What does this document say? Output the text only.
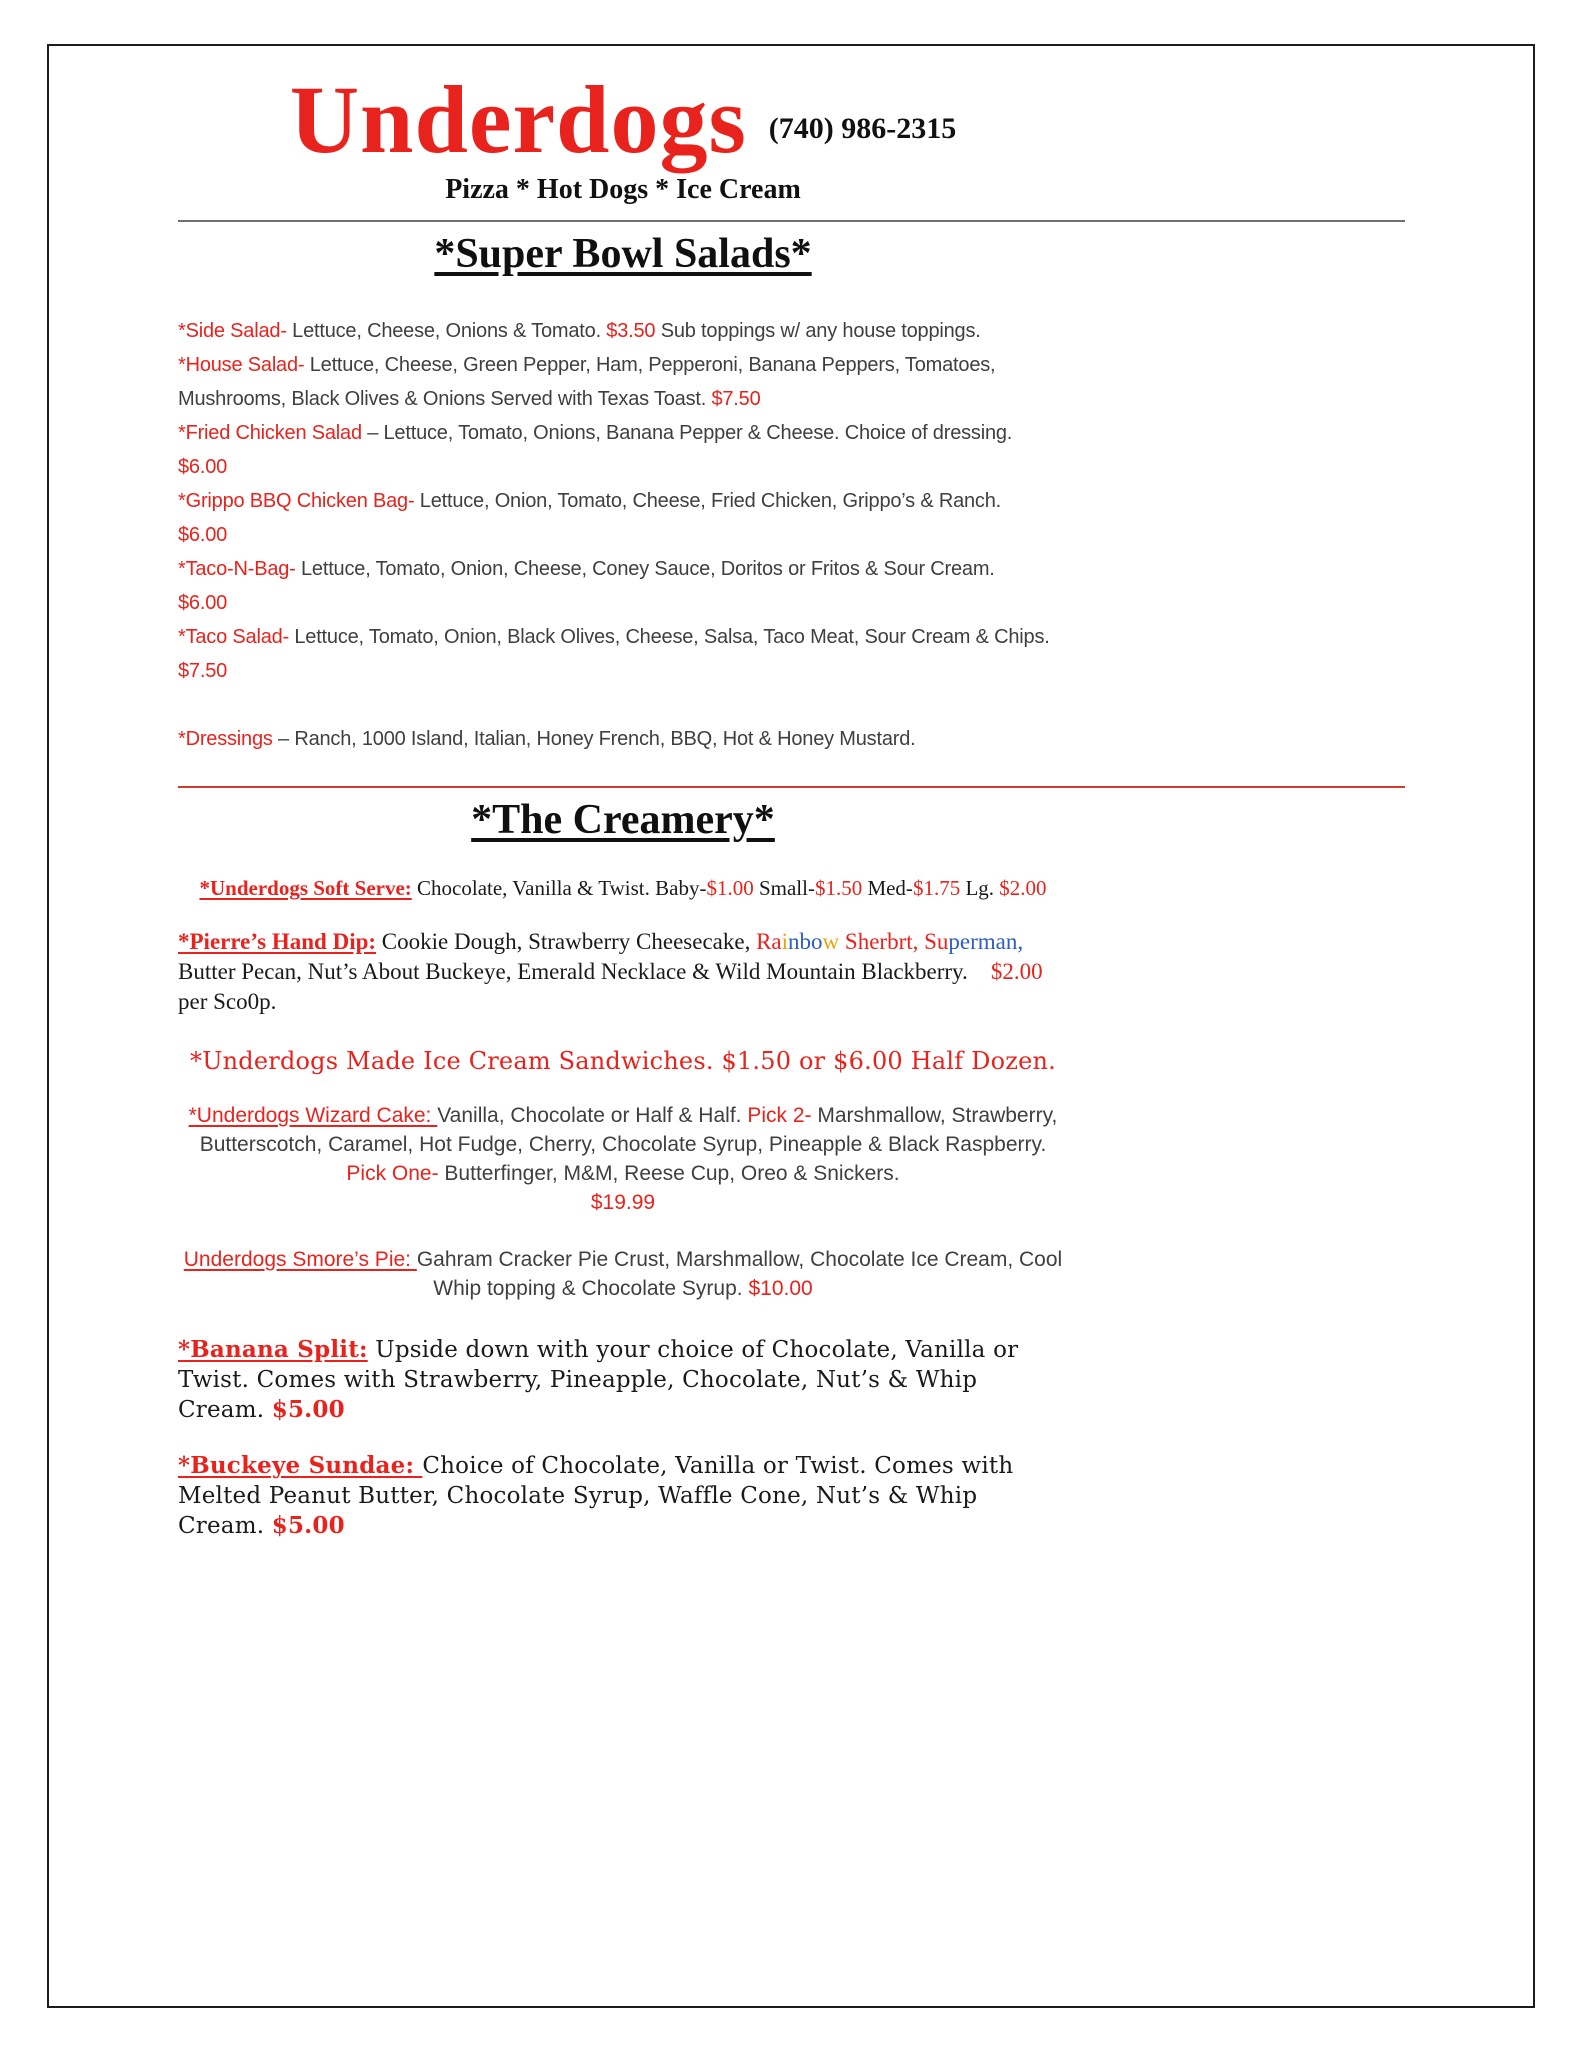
Underdogs (740) 986-2315
Pizza * Hot Dogs * Ice Cream
*Super Bowl Salads*

*Side Salad- Lettuce, Cheese, Onions & Tomato. $3.50 Sub toppings w/ any house toppings.

*House Salad- Lettuce, Cheese, Green Pepper, Ham, Pepperoni, Banana Peppers, Tomatoes, Mushrooms, Black Olives & Onions Served with Texas Toast. $7.50

*Fried Chicken Salad – Lettuce, Tomato, Onions, Banana Pepper & Cheese. Choice of dressing.
$6.00

*Grippo BBQ Chicken Bag- Lettuce, Onion, Tomato, Cheese, Fried Chicken, Grippo’s & Ranch.
$6.00

*Taco-N-Bag- Lettuce, Tomato, Onion, Cheese, Coney Sauce, Doritos or Fritos & Sour Cream.
$6.00

*Taco Salad- Lettuce, Tomato, Onion, Black Olives, Cheese, Salsa, Taco Meat, Sour Cream & Chips.
$7.50

*Dressings – Ranch, 1000 Island, Italian, Honey French, BBQ, Hot & Honey Mustard.

*The Creamery*

*Underdogs Soft Serve: Chocolate, Vanilla & Twist. Baby-$1.00 Small-$1.50 Med-$1.75 Lg. $2.00

*Pierre’s Hand Dip: Cookie Dough, Strawberry Cheesecake, Rainbow Sherbrt, Superman, Butter Pecan, Nut’s About Buckeye, Emerald Necklace & Wild Mountain Blackberry.    $2.00 per Sco0p.

*Underdogs Made Ice Cream Sandwiches. $1.50 or $6.00 Half Dozen.

*Underdogs Wizard Cake: Vanilla, Chocolate or Half & Half. Pick 2- Marshmallow, Strawberry, Butterscotch, Caramel, Hot Fudge, Cherry, Chocolate Syrup, Pineapple & Black Raspberry.
Pick One- Butterfinger, M&M, Reese Cup, Oreo & Snickers.
$19.99
Underdogs Smore’s Pie: Gahram Cracker Pie Crust, Marshmallow, Chocolate Ice Cream, Cool Whip topping & Chocolate Syrup. $10.00

*Banana Split: Upside down with your choice of Chocolate, Vanilla or Twist. Comes with Strawberry, Pineapple, Chocolate, Nut’s & Whip Cream. $5.00

*Buckeye Sundae: Choice of Chocolate, Vanilla or Twist. Comes with Melted Peanut Butter, Chocolate Syrup, Waffle Cone, Nut’s & Whip Cream. $5.00
